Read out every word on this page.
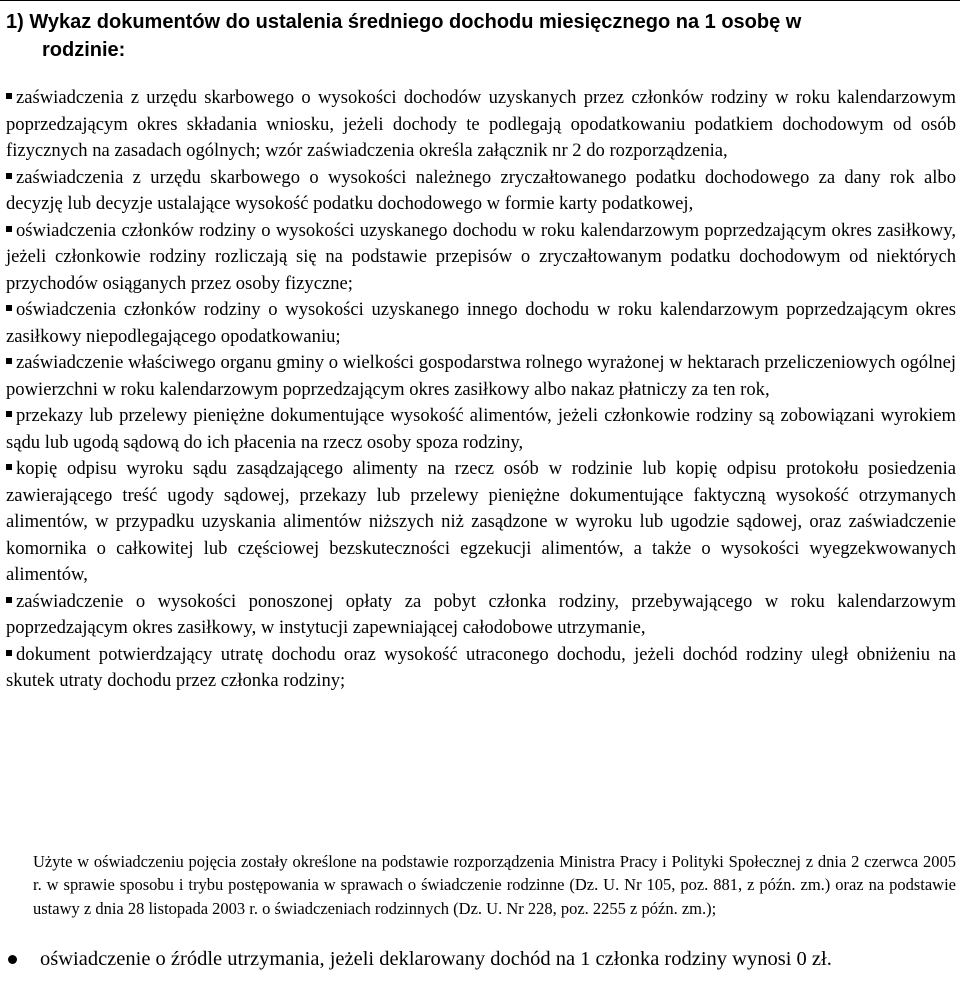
1) Wykaz dokumentów do ustalenia średniego dochodu miesięcznego na 1 osobę w
rodzinie:

zaświadczenia z urzędu skarbowego o wysokości dochodów uzyskanych przez członków rodziny w roku kalendarzowym poprzedzającym okres składania wniosku, jeżeli dochody te podlegają opodatkowaniu podatkiem dochodowym od osób fizycznych na zasadach ogólnych; wzór zaświadczenia określa załącznik nr 2 do rozporządzenia,

zaświadczenia z urzędu skarbowego o wysokości należnego zryczałtowanego podatku dochodowego za dany rok albo decyzję lub decyzje ustalające wysokość podatku dochodowego w formie karty podatkowej,

oświadczenia członków rodziny o wysokości uzyskanego dochodu w roku kalendarzowym poprzedzającym okres zasiłkowy, jeżeli członkowie rodziny rozliczają się na podstawie przepisów o zryczałtowanym podatku dochodowym od niektórych przychodów osiąganych przez osoby fizyczne;

oświadczenia członków rodziny o wysokości uzyskanego innego dochodu w roku kalendarzowym poprzedzającym okres zasiłkowy niepodlegającego opodatkowaniu;

zaświadczenie właściwego organu gminy o wielkości gospodarstwa rolnego wyrażonej w hektarach przeliczeniowych ogólnej powierzchni w roku kalendarzowym poprzedzającym okres zasiłkowy albo nakaz płatniczy za ten rok,

przekazy lub przelewy pieniężne dokumentujące wysokość alimentów, jeżeli członkowie rodziny są zobowiązani wyrokiem sądu lub ugodą sądową do ich płacenia na rzecz osoby spoza rodziny,

kopię odpisu wyroku sądu zasądzającego alimenty na rzecz osób w rodzinie lub kopię odpisu protokołu posiedzenia zawierającego treść ugody sądowej, przekazy lub przelewy pieniężne dokumentujące faktyczną wysokość otrzymanych alimentów, w przypadku uzyskania alimentów niższych niż zasądzone w wyroku lub ugodzie sądowej, oraz zaświadczenie komornika o całkowitej lub częściowej bezskuteczności egzekucji alimentów, a także o wysokości wyegzekwowanych alimentów,

zaświadczenie o wysokości ponoszonej opłaty za pobyt członka rodziny, przebywającego w roku kalendarzowym poprzedzającym okres zasiłkowy, w instytucji zapewniającej całodobowe utrzymanie,

dokument potwierdzający utratę dochodu oraz wysokość utraconego dochodu, jeżeli dochód rodziny uległ obniżeniu na skutek utraty dochodu przez członka rodziny;

Użyte w oświadczeniu pojęcia zostały określone na podstawie rozporządzenia Ministra Pracy i Polityki Społecznej z dnia 2 czerwca 2005 r. w sprawie sposobu i trybu postępowania w sprawach o świadczenie rodzinne (Dz. U. Nr 105, poz. 881, z późn. zm.) oraz na podstawie ustawy z dnia 28 listopada 2003 r. o świadczeniach rodzinnych (Dz. U. Nr 228, poz. 2255 z późn. zm.);

oświadczenie o źródle utrzymania, jeżeli deklarowany dochód na 1 członka rodziny wynosi 0 zł.
